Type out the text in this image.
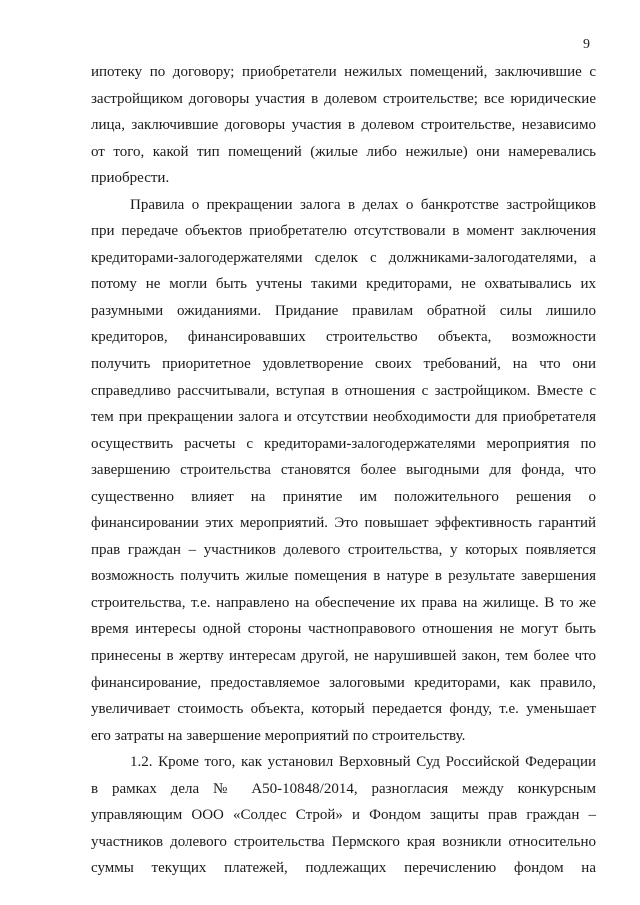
9
ипотеку по договору; приобретатели нежилых помещений, заключившие с
застройщиком договоры участия в долевом строительстве; все юридические
лица, заключившие договоры участия в долевом строительстве, независимо
от того, какой тип помещений (жилые либо нежилые) они намеревались
приобрести.
Правила о прекращении залога в делах о банкротстве застройщиков
при передаче объектов приобретателю отсутствовали в момент заключения
кредиторами-залогодержателями сделок с должниками-залогодателями, а
потому не могли быть учтены такими кредиторами, не охватывались их
разумными ожиданиями. Придание правилам обратной силы лишило
кредиторов, финансировавших строительство объекта, возможности
получить приоритетное удовлетворение своих требований, на что они
справедливо рассчитывали, вступая в отношения с застройщиком. Вместе с
тем при прекращении залога и отсутствии необходимости для приобретателя
осуществить расчеты с кредиторами-залогодержателями мероприятия по
завершению строительства становятся более выгодными для фонда, что
существенно влияет на принятие им положительного решения о
финансировании этих мероприятий. Это повышает эффективность гарантий
прав граждан – участников долевого строительства, у которых появляется
возможность получить жилые помещения в натуре в результате завершения
строительства, т.е. направлено на обеспечение их права на жилище. В то же
время интересы одной стороны частноправового отношения не могут быть
принесены в жертву интересам другой, не нарушившей закон, тем более что
финансирование, предоставляемое залоговыми кредиторами, как правило,
увеличивает стоимость объекта, который передается фонду, т.е. уменьшает
его затраты на завершение мероприятий по строительству.
1.2. Кроме того, как установил Верховный Суд Российской Федерации
в рамках дела № А50-10848/2014, разногласия между конкурсным
управляющим ООО «Солдес Строй» и Фондом защиты прав граждан –
участников долевого строительства Пермского края возникли относительно
суммы текущих платежей, подлежащих перечислению фондом на
